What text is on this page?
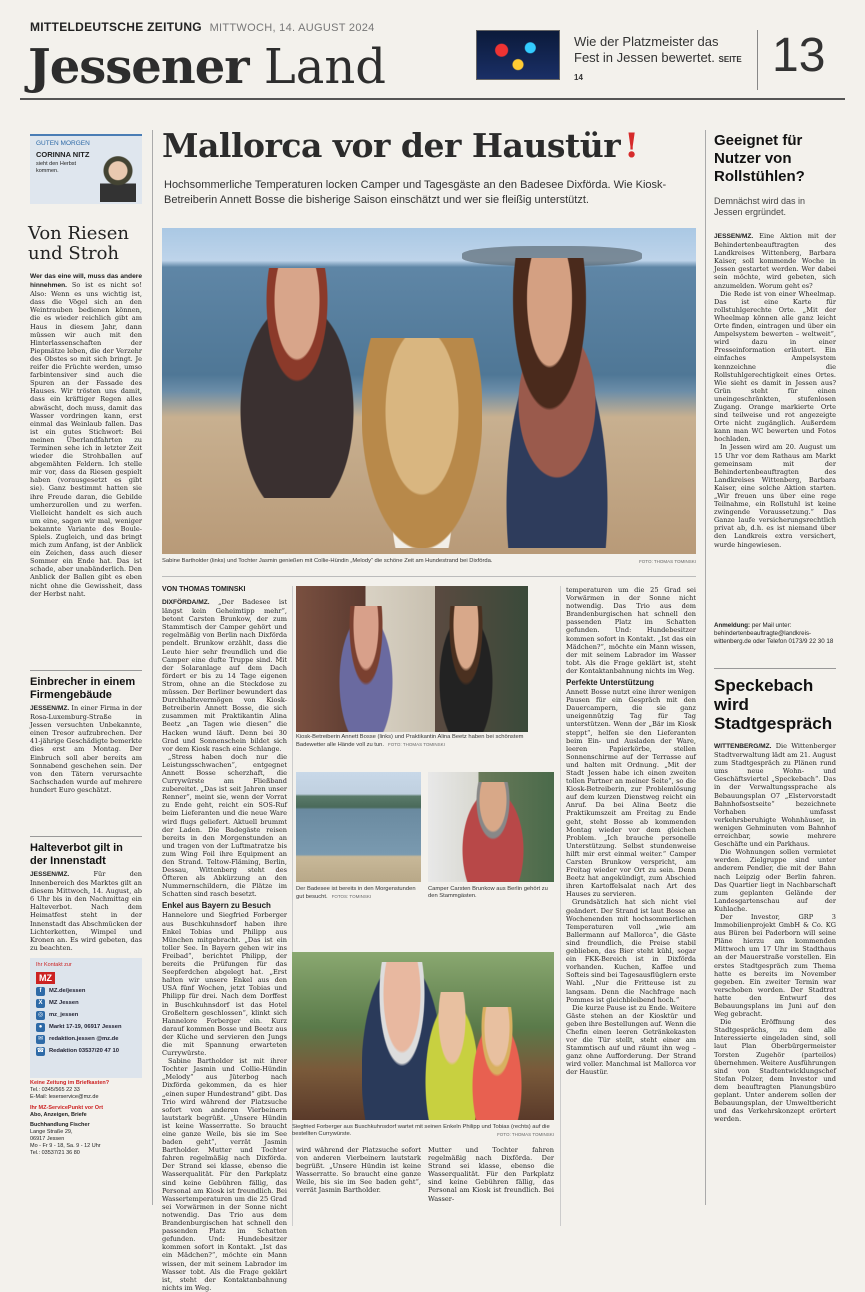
MITTELDEUTSCHE ZEITUNG MITTWOCH, 14. AUGUST 2024
Jessener Land	Wie der Platzmeister das Fest in Jessen bewertet. SEITE 14	13
GUTEN MORGEN
CORINNA NITZ
sieht den Herbst kommen.
Von Riesen und Stroh

Wer das eine will, muss das andere hinnehmen. So ist es nicht so! Also: Wenn es uns wichtig ist, dass die Vögel sich an den Weintrauben bedienen können, die es wieder reichlich gibt am Haus in diesem Jahr, dann müssen wir auch mit den Hinterlassenschaften der Piepmätze leben, die der Verzehr des Obstes so mit sich bringt. Je reifer die Früchte werden, umso farbintensiver sind auch die Spuren an der Fassade des Hauses. Wir trösten uns damit, dass ein kräftiger Regen alles abwäscht, doch muss, damit das Wasser vordringen kann, erst einmal das Weinlaub fallen. Das ist ein gutes Stichwort: Bei meinen Überlandfahrten zu Terminen sehe ich in letzter Zeit wieder die Strohballen auf abgemähten Feldern. Ich stelle mir vor, dass da Riesen gespielt haben (vorausgesetzt es gibt sie). Ganz bestimmt hatten sie ihre Freude daran, die Gebilde umherzurollen und zu werfen. Vielleicht handelt es sich auch um eine, sagen wir mal, weniger bekannte Variante des Boule-Spiels. Zugleich, und das bringt mich zum Anfang, ist der Anblick ein Zeichen, dass auch dieser Sommer ein Ende hat. Das ist schade, aber unabänderlich. Den Anblick der Ballen gibt es eben nicht ohne die Gewissheit, dass der Herbst naht.

Einbrecher in einem Firmengebäude

JESSEN/MZ. In einer Firma in der Rosa-Luxemburg-Straße in Jessen versuchten Unbekannte, einen Tresor aufzubrechen. Der 41-jährige Geschädigte bemerkte dies erst am Montag. Der Einbruch soll aber bereits am Sonnabend geschehen sein. Der von den Tätern verursachte Sachschaden wurde auf mehrere hundert Euro geschätzt.

Halteverbot gilt in der Innenstadt

JESSEN/MZ.	Für den Innenbereich des Marktes gilt an diesem Mittwoch, 14. August, ab 6 Uhr bis in den Nachmittag ein Halteverbot. Nach dem Heimatfest steht in der Innenstadt das Abschmücken der Lichterketten, Wimpel und Kronen an. Es wird gebeten, das zu beachten.

Ihr Kontakt zur
MZ
f	MZ.de/jessen
X	MZ Jessen
◎	mz_jessen
●	Markt 17-19, 06917 Jessen
✉	redaktion.jessen @mz.de
☎ Redaktion 03537/20 47 10
Keine Zeitung im Briefkasten?
Tel.: 0345/565 22 33
E-Mail: leserservice@mz.de
Ihr MZ-ServicePunkt vor Ort
Abo, Anzeigen, Briefe
Buchhandlung Fischer
Lange Straße 29,
06917 Jessen
Mo - Fr 9 - 18, Sa. 9 - 12 Uhr
Tel.: 03537/21 36 80
Mallorca vor der Haustür !
Hochsommerliche Temperaturen locken Camper und Tagesgäste an den Badesee Dixförda. Wie Kiosk-Betreiberin Annett Bosse die bisherige Saison einschätzt und wer sie fleißig unterstützt.
Sabine Bartholder (links) und Tochter Jasmin genießen mit Collie-Hündin „Melody“ die schöne Zeit am Hundestrand bei Dixförda.	FOTO: THOMAS TOMINSKI
VON THOMAS TOMINSKI

DIXFÖRDA/MZ. „Der Badesee ist längst kein Geheimtipp mehr“, betont Carsten Brunkow, der zum Stammtisch der Camper gehört und regelmäßig von Berlin nach Dixförda pendelt. Brunkow erzählt, dass die Leute hier sehr freundlich und die Camper eine dufte Truppe sind. Mit der Solaranlage auf dem Dach fördert er bis zu 14 Tage eigenen Strom, ohne an die Steckdose zu müssen. Der Berliner bewundert das Durchhaltevermögen von Kiosk-Betreiberin Annett Bosse, die sich zusammen mit Praktikantin Alina Beetz „an Tagen wie diesen“ die Hacken wund läuft. Denn bei 30 Grad und Sonnenschein bildet sich vor dem Kiosk rasch eine Schlange.

„Stress haben doch nur die Leistungsschwachen“, entgegnet Annett Bosse scherzhaft, die Currywürste am Fließband zubereitet. „Das ist seit Jahren unser Renner“, meint sie, wenn der Vorrat zu Ende geht, reicht ein SOS-Ruf beim Lieferanten und die neue Ware wird flugs geliefert. Aktuell brummt der Laden. Die Badegäste reisen bereits in den Morgenstunden an und tragen von der Luftmatratze bis zum Wing Foil ihre Equipment an den Strand. Teltow-Fläming, Berlin, Dessau, Wittenberg steht des Öfteren als Abkürzung an den Nummernschildern, die Plätze im Schatten sind rasch besetzt.

Enkel aus Bayern zu Besuch

Hannelore und Siegfried Forberger aus Buschkuhnsdorf haben ihre Enkel Tobias und Philipp aus München mitgebracht. „Das ist ein toller See. In Bayern gehen wir ins Freibad“, berichtet Philipp, der bereits die Prüfungen für das Seepferdchen abgelegt hat. „Erst halten wir unsere Enkel aus den USA fünf Wochen, jetzt Tobias und Philipp für drei. Nach dem Dorffest in Buschkuhnsdorf ist das Hotel Großeltern geschlossen“, klinkt sich Hannelore Forberger ein. Kurz darauf kommen Bosse und Beetz aus der Küche und servieren den Jungs die mit Spannung erwarteten Currywürste.

Sabine Bartholder ist mit ihrer Tochter Jasmin und Collie-Hündin „Melody“ aus Jüterbog nach Dixförda gekommen, da es hier „einen super Hundestrand“ gibt. Das Trio wird während der Platzsuche sofort von anderen Vierbeinern lautstark begrüßt. „Unsere Hündin ist keine Wasserratte. So braucht eine ganze Weile, bis sie im See baden geht“, verrät Jasmin Bartholder. Mutter und Tochter fahren regelmäßig nach Dixförda. Der Strand sei klasse, ebenso die Wasserqualität. Für den Parkplatz sind keine Gebühren fällig, das Personal am Kiosk ist freundlich. Bei Wassertemperaturen um die 25 Grad sei Vorwärmen in der Sonne nicht notwendig. Das Trio aus dem Brandenburgischen hat schnell den passenden Platz im Schatten gefunden. Und: Hundebesitzer kommen sofort in Kontakt. „Ist das ein Mädchen?“, möchte ein Mann wissen, der mit seinem Labrador im Wasser tobt. Als die Frage geklärt ist, steht der Kontaktanbahnung nichts im Weg.

Kiosk-Betreiberin Annett Bosse (links) und Praktikantin Alina Beetz haben bei schönstem Badewetter alle Hände voll zu tun. FOTO: THOMAS TOMINSKI
Der Badesee ist bereits in den Morgenstunden gut besucht. FOTOS: TOMINSKI
Camper Carsten Brunkow aus Berlin gehört zu den Stammgästen.
Siegfried Forberger aus Buschkuhnsdorf wartet mit seinen Enkeln Philipp und Tobias (rechts) auf die bestellten Currywürste.	FOTO: THOMAS TOMINSKI

wird während der Platzsuche sofort von anderen Vierbeinern lautstark begrüßt. „Unsere Hündin ist keine Wasserratte. So braucht eine ganze Weile, bis sie im See baden geht“, verrät Jasmin Bartholder.

Mutter und Tochter fahren regelmäßig nach Dixförda. Der Strand sei klasse, ebenso die Wasserqualität. Für den Parkplatz sind keine Gebühren fällig, das Personal am Kiosk ist freundlich. Bei Wasser-

temperaturen um die 25 Grad sei Vorwärmen in der Sonne nicht notwendig. Das Trio aus dem Brandenburgischen hat schnell den passenden Platz im Schatten gefunden. Und: Hundebesitzer kommen sofort in Kontakt. „Ist das ein Mädchen?“, möchte ein Mann wissen, der mit seinem Labrador im Wasser tobt. Als die Frage geklärt ist, steht der Kontaktanbahnung nichts im Weg.

Perfekte Unterstützung

Annett Bosse nutzt eine ihrer wenigen Pausen für ein Gespräch mit den Dauercampern, die sie ganz uneigennützig Tag für Tag unterstützen. Wenn der „Bär im Kiosk steppt“, helfen sie den Lieferanten beim Ein- und Ausladen der Ware, leeren Papierkörbe, stellen Sonnenschirme auf der Terrasse auf und halten mit Ordnung. „Mit der Stadt Jessen habe ich einen zweiten tollen Partner an meiner Seite“, so die Kiosk-Betreiberin, zur Problemlösung auf dem kurzen Dienstweg reicht ein Anruf. Da bei Alina Beetz die Praktikumszeit am Freitag zu Ende geht, steht Bosse ab kommenden Montag wieder vor dem gleichen Problem. „Ich brauche personelle Unterstützung. Selbst stundenweise hilft mir erst einmal weiter.“ Camper Carsten Brunkow verspricht, am Freitag wieder vor Ort zu sein. Denn Beetz hat angekündigt, zum Abschied ihren Kartoffelsalat nach Art des Hauses zu servieren.

Grundsätzlich hat sich nicht viel geändert. Der Strand ist laut Bosse an Wochenenden mit hochsommerlichen Temperaturen voll „wie am Ballermann auf Mallorca“, die Gäste sind freundlich, die Preise stabil geblieben, das Bier steht kühl, sogar ein FKK-Bereich ist in Dixförda vorhanden. Kuchen, Kaffee und Softeis sind bei Tagesausflüglern erste Wahl. „Nur die Fritteuse ist zu langsam. Denn die Nachfrage nach Pommes ist gleichbleibend hoch.“

Die kurze Pause ist zu Ende. Weitere Gäste stehen an der Kiosktür und geben ihre Bestellungen auf. Wenn die Chefin einen leeren Getränkekasten vor die Tür stellt, steht einer am Stammtisch auf und räumt ihn weg – ganz ohne Aufforderung. Der Strand wird voller. Manchmal ist Mallorca vor der Haustür.

Geeignet für Nutzer von Rollstühlen?
Demnächst wird das in Jessen ergründet.

JESSEN/MZ. Eine Aktion mit der Behindertenbeauftragten des Landkreises Wittenberg, Barbara Kaiser, soll kommende Woche in Jessen gestartet werden. Wer dabei sein möchte, wird gebeten, sich anzumelden. Worum geht es?

Die Rede ist von einer Wheelmap. Das ist eine Karte für rollstuhlgerechte Orte. „Mit der Wheelmap können alle ganz leicht Orte finden, eintragen und über ein Ampelsystem bewerten – weltweit“, wird dazu in einer Presseinformation erläutert. Ein einfaches Ampelsystem kennzeichne die Rollstuhlgerechtigkeit eines Ortes. Wie sieht es damit in Jessen aus? Grün steht für einen uneingeschränkten, stufenlosen Zugang. Orange markierte Orte sind teilweise und rot angezeigte Orte nicht zugänglich. Außerdem kann man WC bewerten und Fotos hochladen.

In Jessen wird am 20. August um 15 Uhr vor dem Rathaus am Markt gemeinsam mit der Behindertenbeauftragten des Landkreises Wittenberg, Barbara Kaiser, eine solche Aktion starten. „Wir freuen uns über eine rege Teilnahme, ein Rollstuhl ist keine zwingende Voraussetzung.“ Das Ganze laufe versicherungsrechtlich privat ab, d.h. es ist niemand über den Landkreis extra versichert, wurde hingewiesen.

Anmeldung: per Mail unter: behindertenbeauftragte@landkreis-wittenberg.de oder Telefon 0173/9 22 30 18
Speckebach wird Stadtgespräch

WITTENBERG/MZ. Die Wittenberger Stadtverwaltung lädt am 21. August zum Stadtgespräch zu Plänen rund ums neue Wohn- und Geschäftsviertel „Speckebach“. Das in der Verwaltungssprache als Bebauungsplan O7 „Elstervorstadt Bahnhofsostseite“ bezeichnete Vorhaben umfasst verkehrsberuhigte Wohnhäuser, in wenigen Gehminuten vom Bahnhof erreichbar, sowie mehrere Geschäfte und ein Parkhaus.

Die Wohnungen sollen vermietet werden. Zielgruppe sind unter anderem Pendler, die mit der Bahn nach Leipzig oder Berlin fahren. Das Quartier liegt in Nachbarschaft zum geplanten Gelände der Landesgartenschau auf der Kuhlache.

Der Investor, GRP 3 Immobilienprojekt GmbH & Co. KG aus Büren bei Paderborn will seine Pläne hierzu am kommenden Mittwoch um 17 Uhr im Stadthaus an der Mauerstraße vorstellen. Ein erstes Stadtgespräch zum Thema hatte es bereits im November gegeben. Ein zweiter Termin war verschoben worden. Der Stadtrat hatte den Entwurf des Bebauungsplans im Juni auf den Weg gebracht.

Die Eröffnung des Stadtgesprächs, zu dem alle Interessierte eingeladen sind, soll laut Plan Oberbürgermeister Torsten Zugehör (parteilos) übernehmen. Weitere Ausführungen sind von Stadtentwicklungschef Stefan Polzer, dem Investor und dem beauftragten Planungsbüro geplant. Unter anderem sollen der Bebauungsplan, der Umweltbericht und das Verkehrskonzept erörtert werden.
